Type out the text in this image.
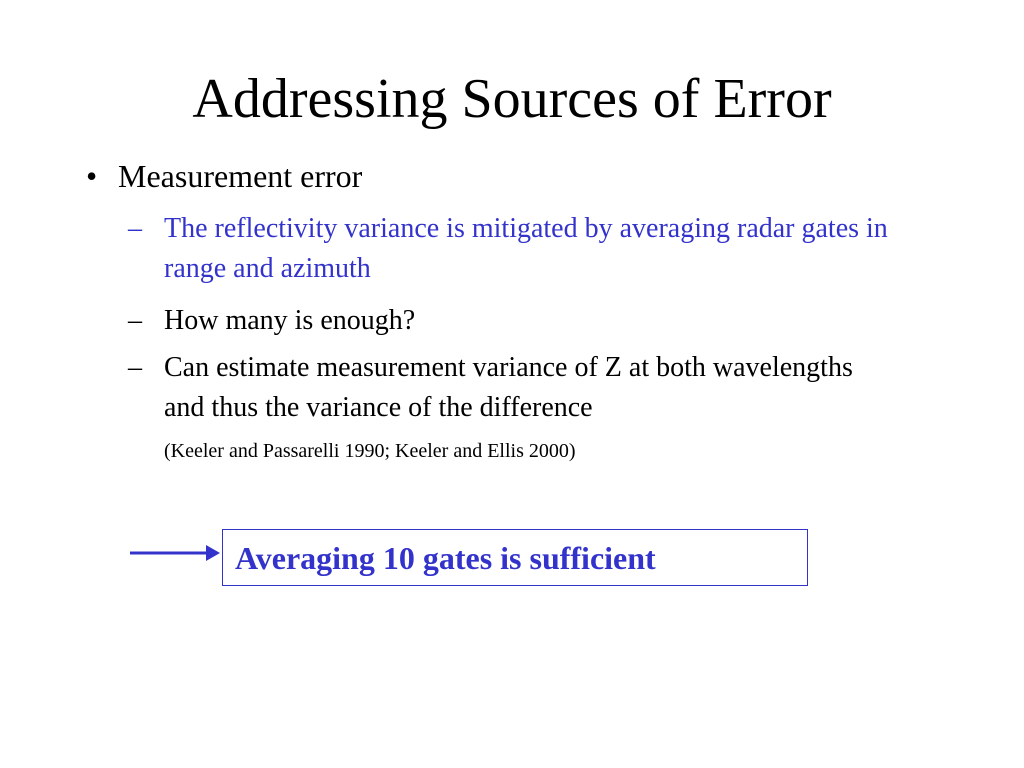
Addressing Sources of Error
• Measurement error
– The reflectivity variance is mitigated by averaging radar gates in range and azimuth
– How many is enough?
– Can estimate measurement variance of Z at both wavelengths and thus the variance of the difference
(Keeler and Passarelli 1990; Keeler and Ellis 2000)
Averaging 10 gates is sufficient
